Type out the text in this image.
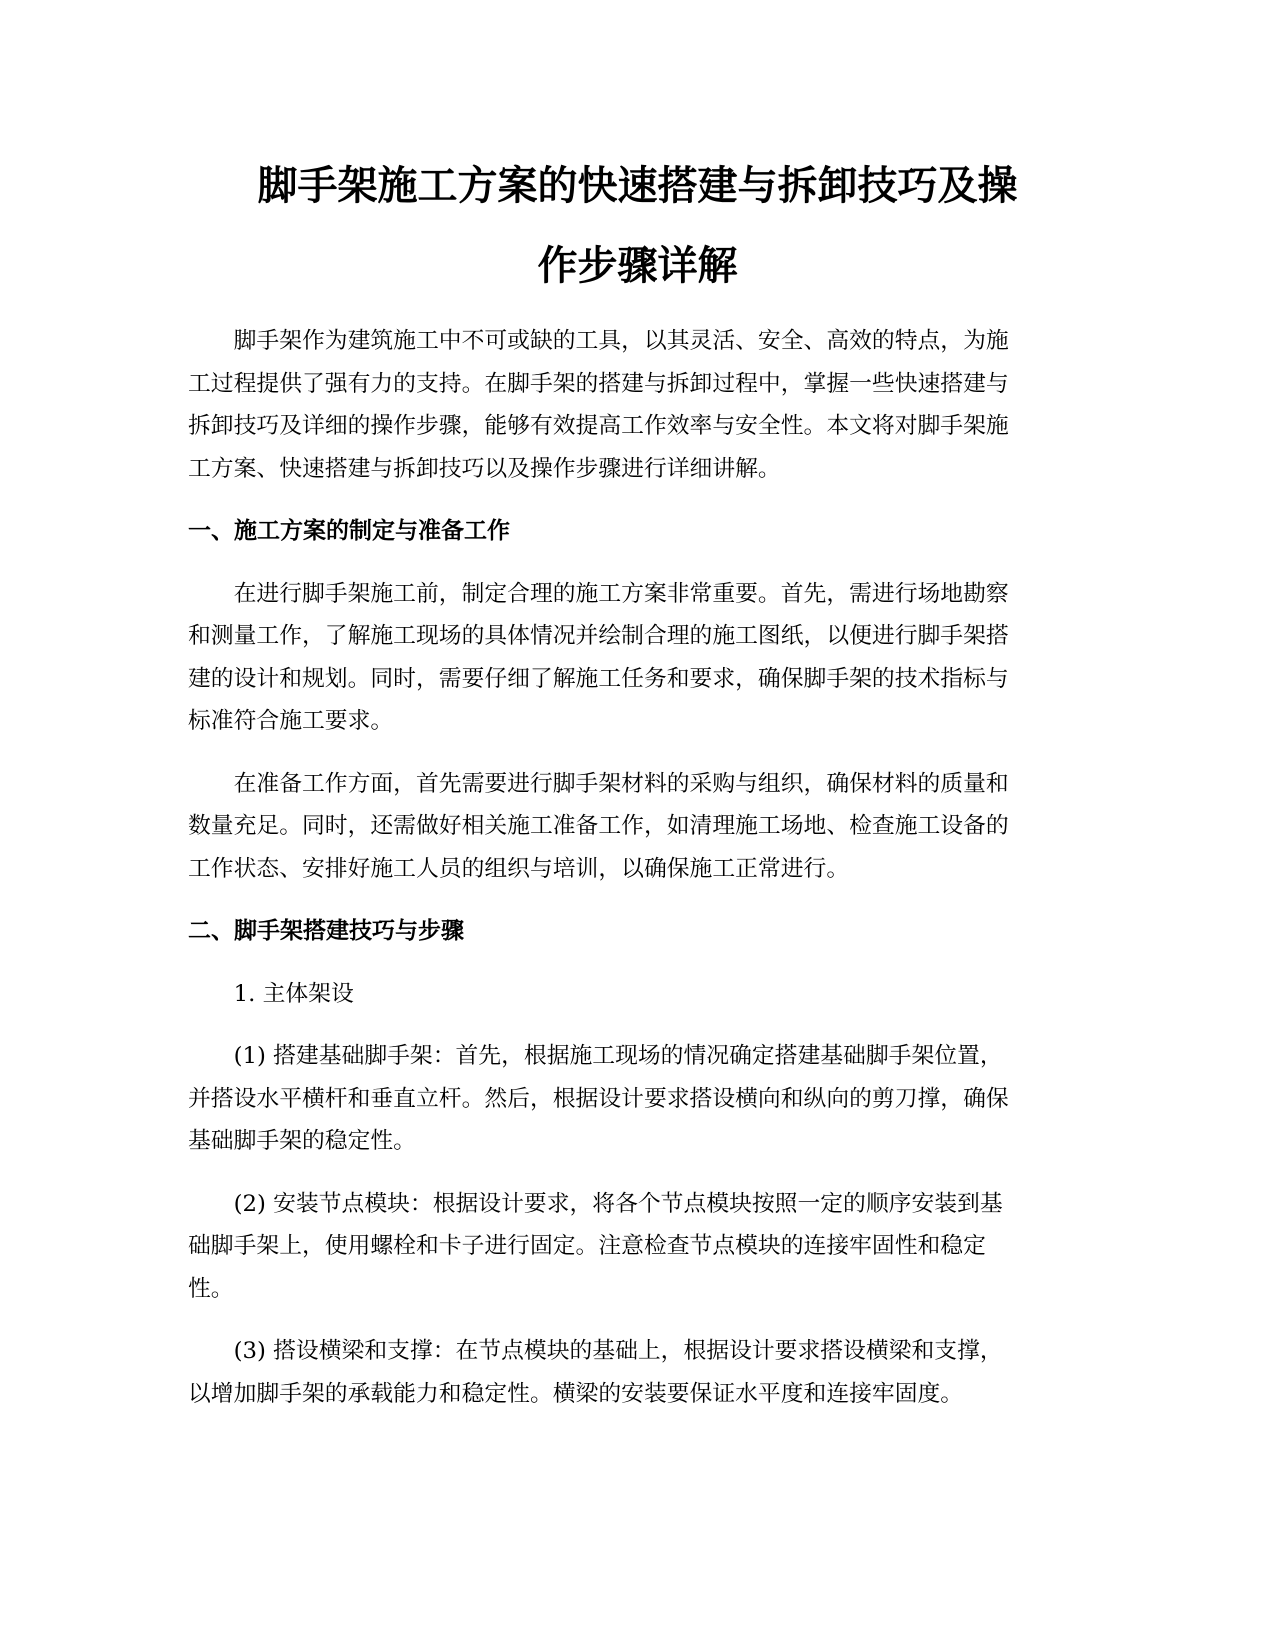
脚手架施工方案的快速搭建与拆卸技巧及操
作步骤详解

　　脚手架作为建筑施工中不可或缺的工具，以其灵活、安全、高效的特点，为施
工过程提供了强有力的支持。在脚手架的搭建与拆卸过程中，掌握一些快速搭建与
拆卸技巧及详细的操作步骤，能够有效提高工作效率与安全性。本文将对脚手架施
工方案、快速搭建与拆卸技巧以及操作步骤进行详细讲解。

一、施工方案的制定与准备工作

　　在进行脚手架施工前，制定合理的施工方案非常重要。首先，需进行场地勘察
和测量工作，了解施工现场的具体情况并绘制合理的施工图纸，以便进行脚手架搭
建的设计和规划。同时，需要仔细了解施工任务和要求，确保脚手架的技术指标与
标准符合施工要求。

　　在准备工作方面，首先需要进行脚手架材料的采购与组织，确保材料的质量和
数量充足。同时，还需做好相关施工准备工作，如清理施工场地、检查施工设备的
工作状态、安排好施工人员的组织与培训，以确保施工正常进行。

二、脚手架搭建技巧与步骤

　　1. 主体架设

　　(1) 搭建基础脚手架：首先，根据施工现场的情况确定搭建基础脚手架位置，
并搭设水平横杆和垂直立杆。然后，根据设计要求搭设横向和纵向的剪刀撑，确保
基础脚手架的稳定性。

　　(2) 安装节点模块：根据设计要求，将各个节点模块按照一定的顺序安装到基
础脚手架上，使用螺栓和卡子进行固定。注意检查节点模块的连接牢固性和稳定
性。

　　(3) 搭设横梁和支撑：在节点模块的基础上，根据设计要求搭设横梁和支撑，
以增加脚手架的承载能力和稳定性。横梁的安装要保证水平度和连接牢固度。
